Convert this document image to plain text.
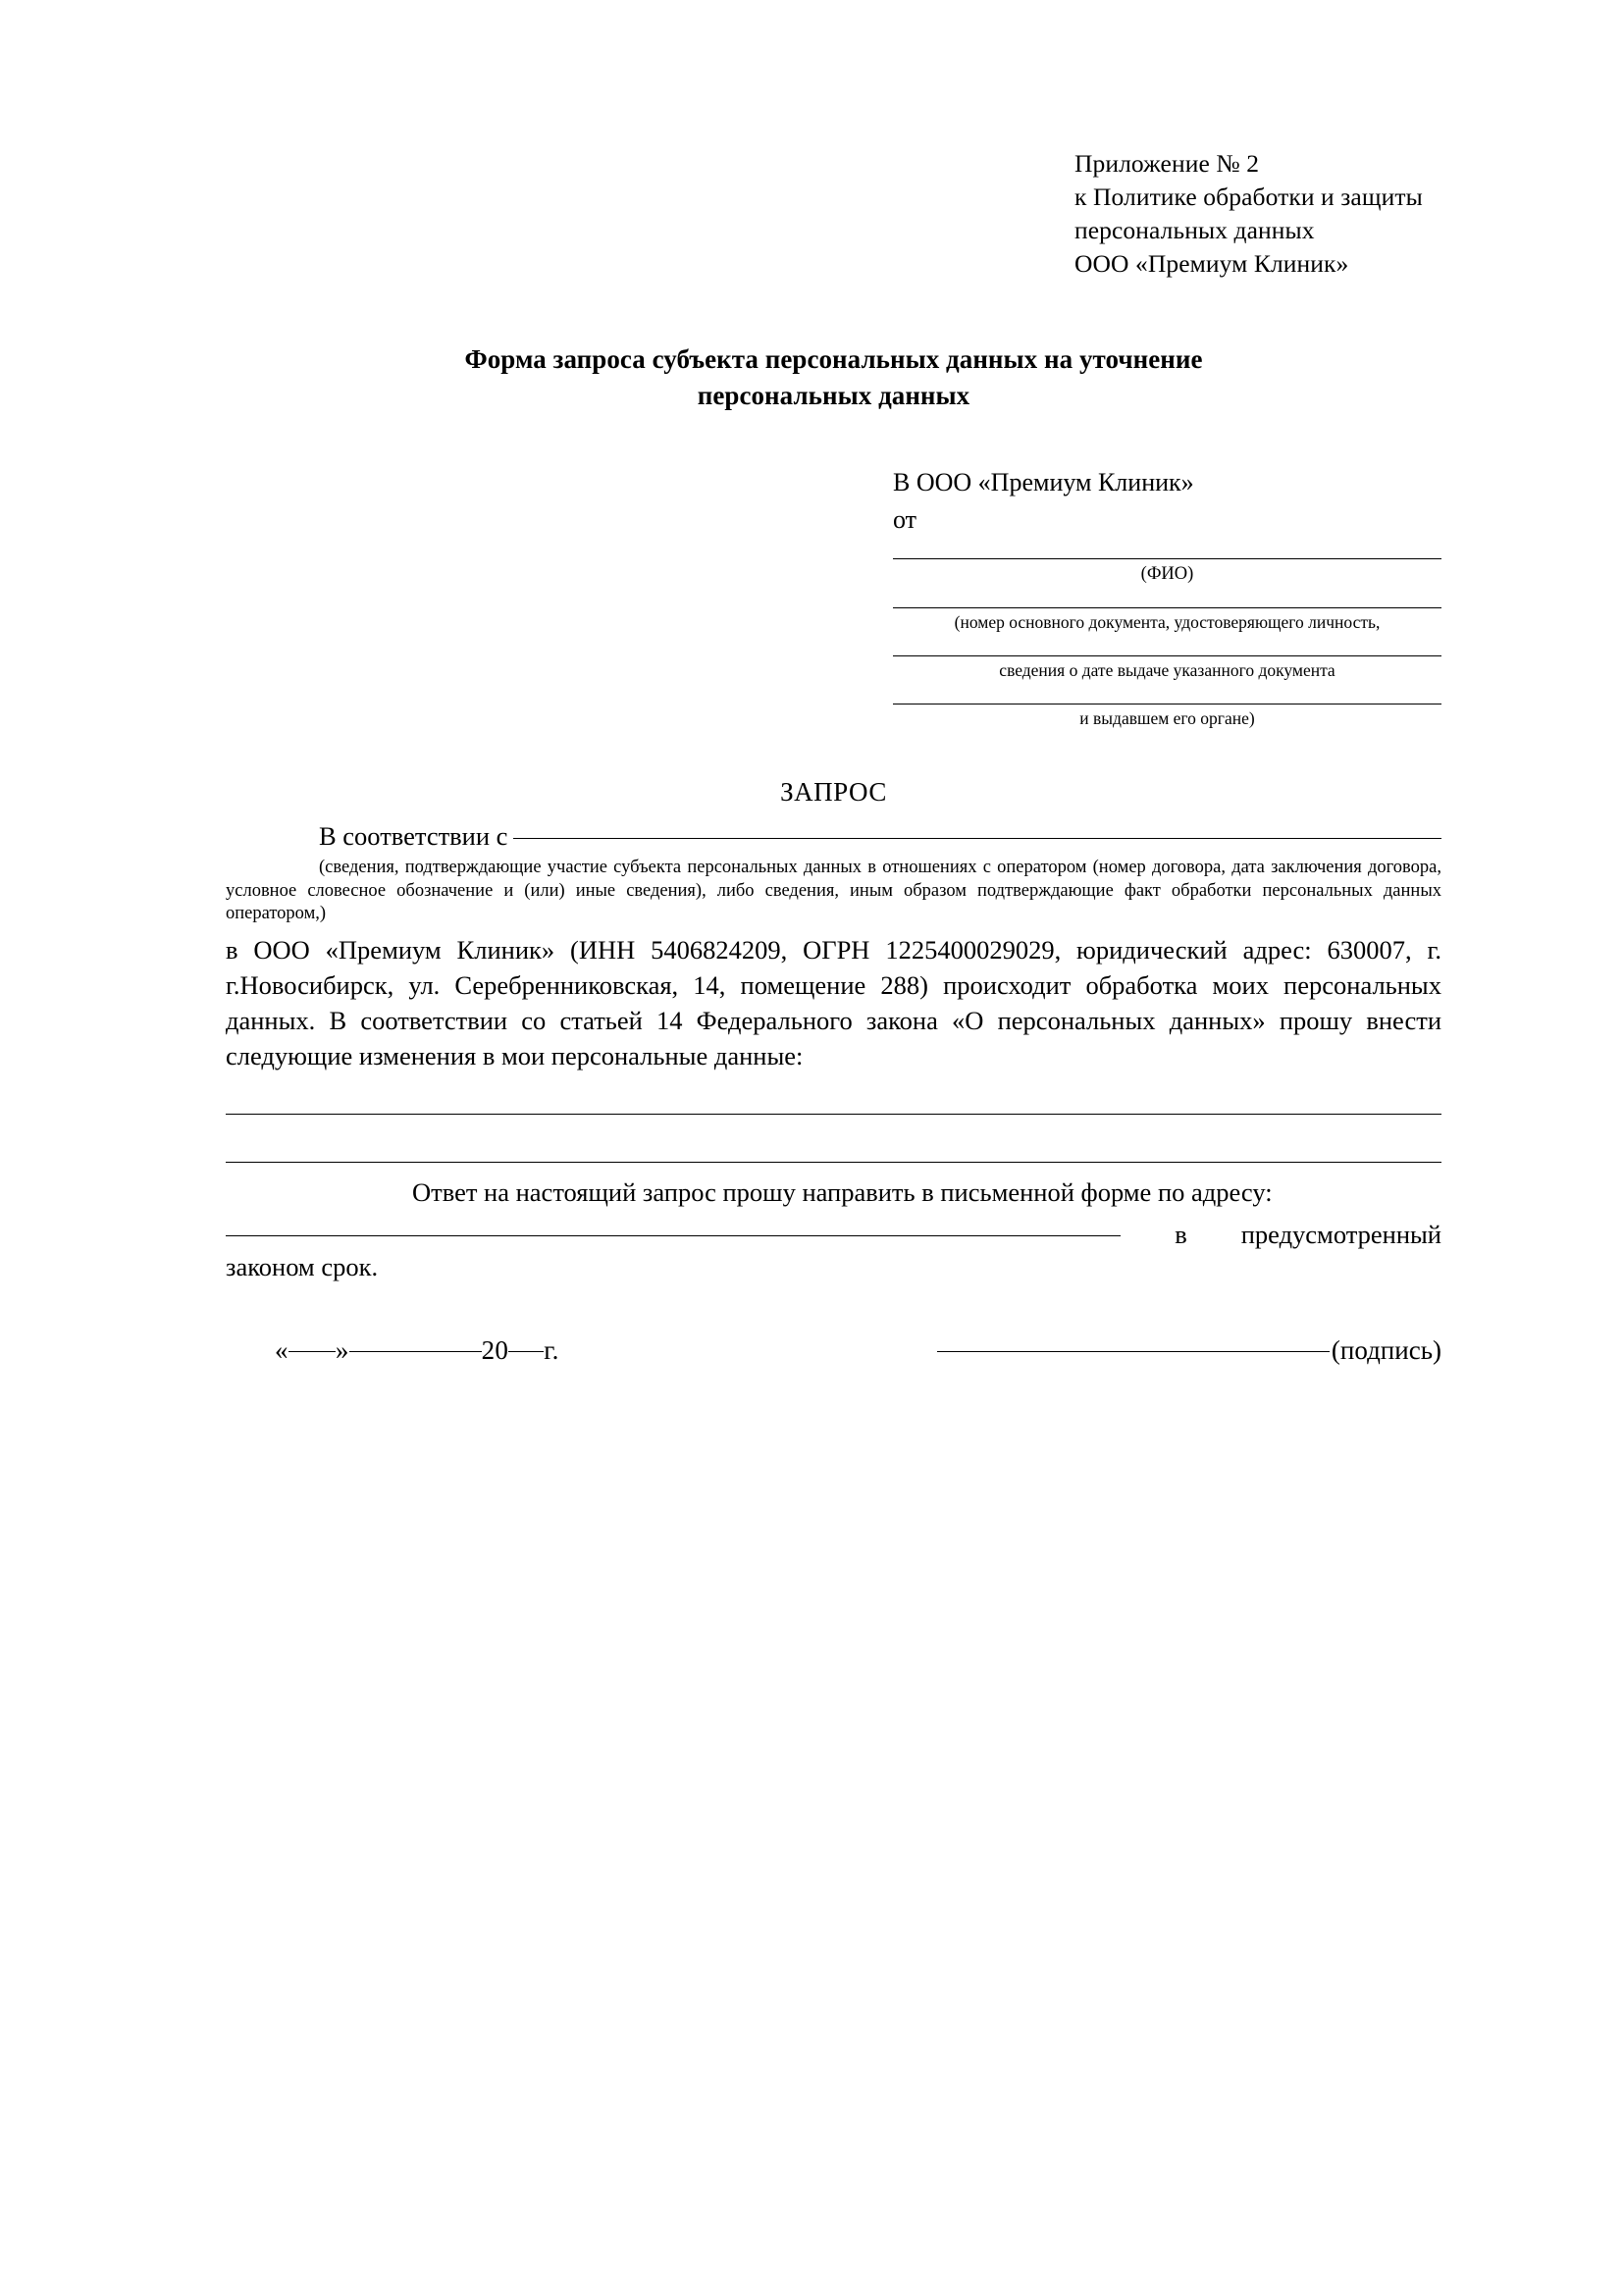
Приложение № 2
к Политике обработки и защиты
персональных данных
ООО «Премиум Клиник»
Форма запроса субъекта персональных данных на уточнение
персональных данных
В ООО «Премиум Клиник»
от
(ФИО)
(номер основного документа, удостоверяющего личность,
сведения о дате выдаче указанного документа
и выдавшем его органе)
ЗАПРОС
В соответствии с
(сведения, подтверждающие участие субъекта персональных данных в отношениях с оператором (номер договора, дата заключения договора, условное словесное обозначение и (или) иные сведения), либо сведения, иным образом подтверждающие факт обработки персональных данных оператором,)

в ООО «Премиум Клиник» (ИНН 5406824209, ОГРН 1225400029029, юридический адрес: 630007, г. г.Новосибирск, ул. Серебренниковская, 14, помещение 288) происходит обработка моих персональных данных. В соответствии со статьей 14 Федерального закона «О персональных данных» прошу внести следующие изменения в мои персональные данные:

Ответ на настоящий запрос прошу направить в письменной форме по адресу:

в предусмотренный
законом срок.
« »	20 г.	(подпись)
